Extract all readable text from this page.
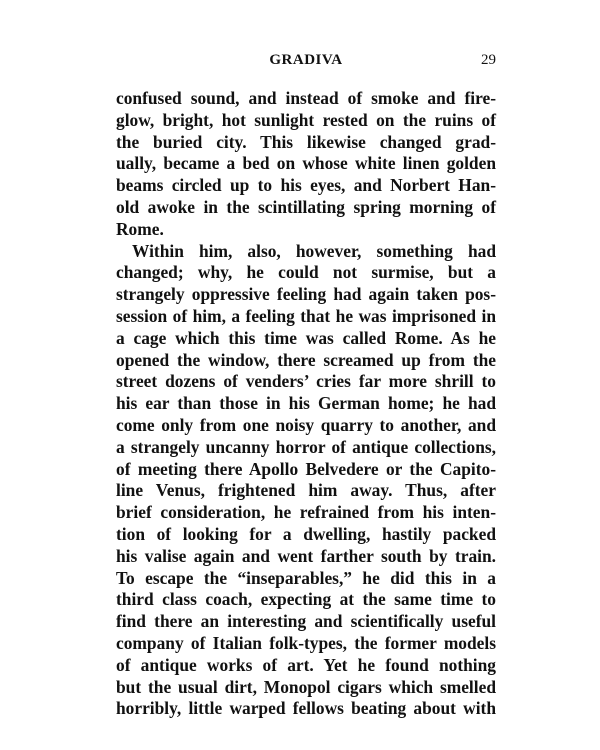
GRADIVA	29
confused sound, and instead of smoke and fire-
glow, bright, hot sunlight rested on the ruins of
the buried city. This likewise changed grad-
ually, became a bed on whose white linen golden
beams circled up to his eyes, and Norbert Han-
old awoke in the scintillating spring morning of
Rome.
Within him, also, however, something had
changed; why, he could not surmise, but a
strangely oppressive feeling had again taken pos-
session of him, a feeling that he was imprisoned in
a cage which this time was called Rome. As he
opened the window, there screamed up from the
street dozens of venders’ cries far more shrill to
his ear than those in his German home; he had
come only from one noisy quarry to another, and
a strangely uncanny horror of antique collections,
of meeting there Apollo Belvedere or the Capito-
line Venus, frightened him away. Thus, after
brief consideration, he refrained from his inten-
tion of looking for a dwelling, hastily packed
his valise again and went farther south by train.
To escape the “inseparables,” he did this in a
third class coach, expecting at the same time to
find there an interesting and scientifically useful
company of Italian folk-types, the former models
of antique works of art. Yet he found nothing
but the usual dirt, Monopol cigars which smelled
horribly, little warped fellows beating about with
